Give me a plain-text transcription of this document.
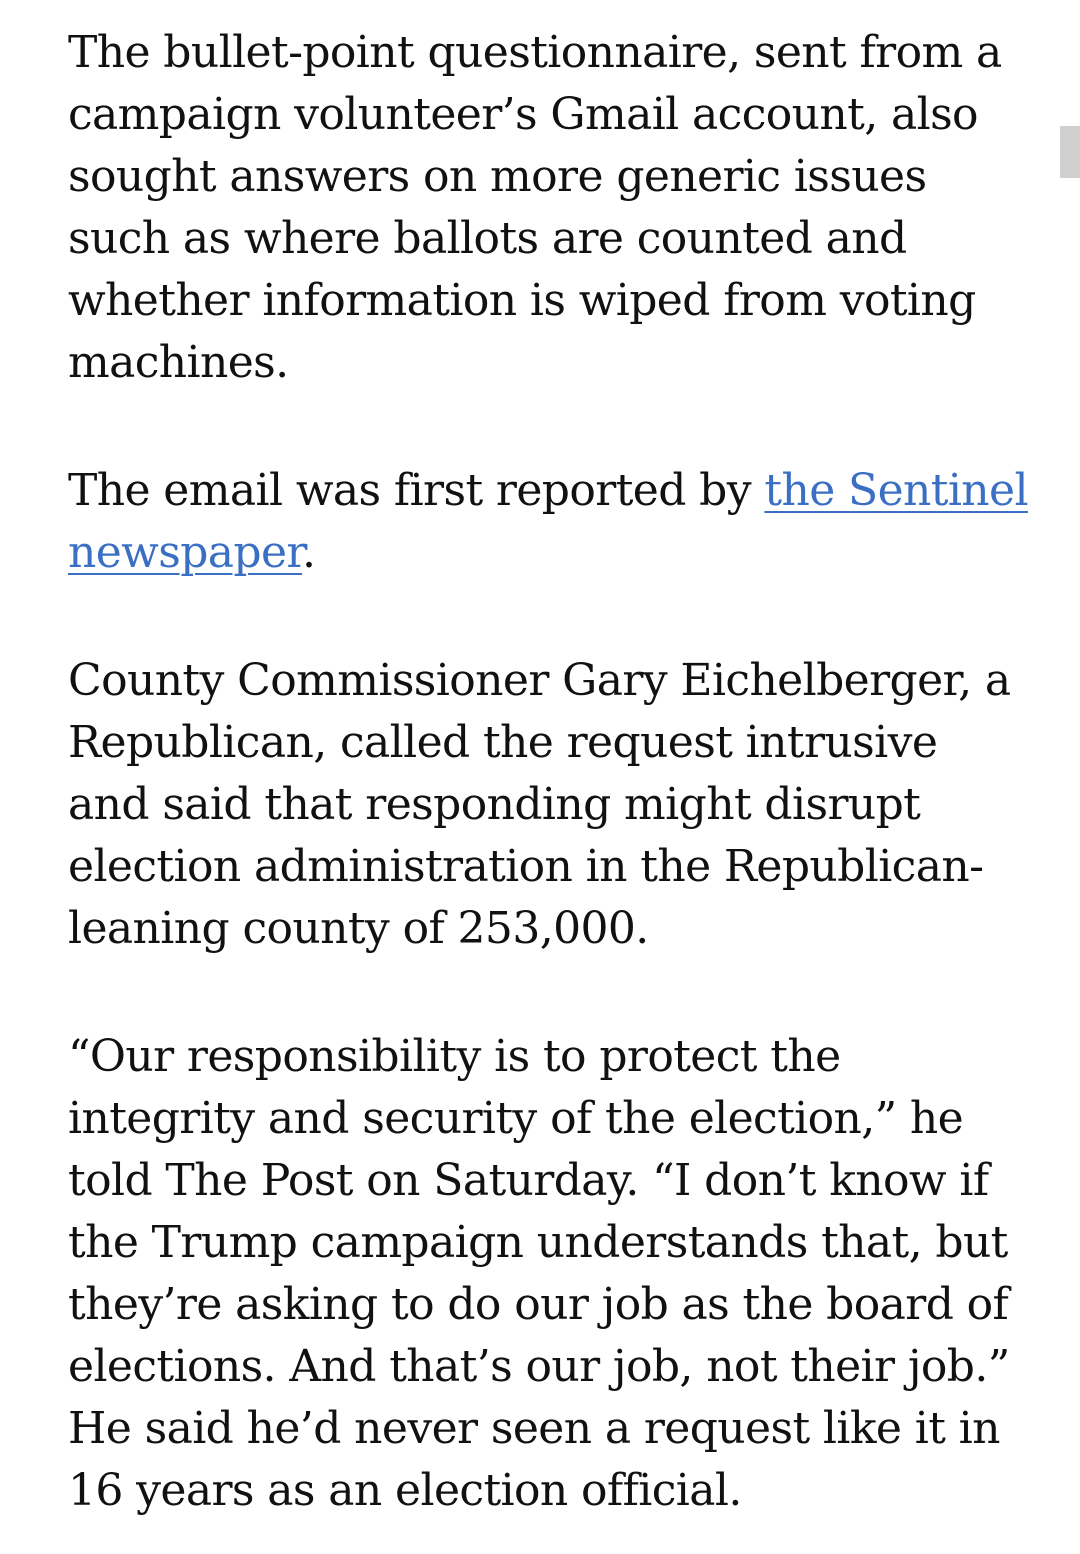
The bullet-point questionnaire, sent from a campaign volunteer’s Gmail account, also sought answers on more generic issues such as where ballots are counted and whether information is wiped from voting machines.

The email was first reported by the Sentinel newspaper.

County Commissioner Gary Eichelberger, a Republican, called the request intrusive and said that responding might disrupt election administration in the Republican-leaning county of 253,000.

“Our responsibility is to protect the integrity and security of the election,” he told The Post on Saturday. “I don’t know if the Trump campaign understands that, but they’re asking to do our job as the board of elections. And that’s our job, not their job.” He said he’d never seen a request like it in 16 years as an election official.
